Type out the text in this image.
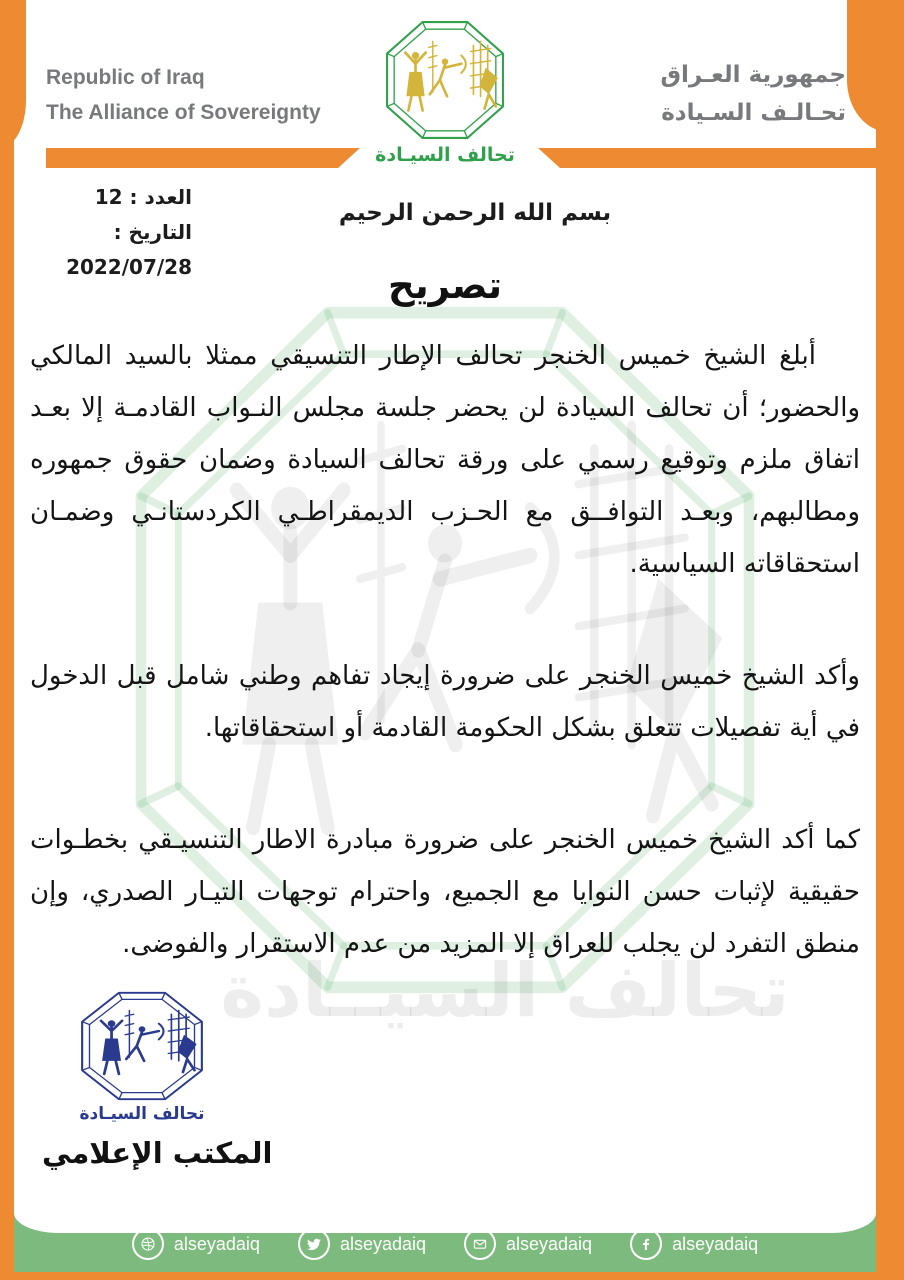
تحالف السيــادة
Republic of Iraq
The Alliance of Sovereignty
جمهورية العـراق
تحـالـف السـيادة
تحالف السيـادة
العدد : 12
التاريخ : 2022/07/28
بسم الله الرحمن الرحيم
تصريح

أبلغ الشيخ خميس الخنجر تحالف الإطار التنسيقي ممثلا بالسيد المالكي والحضور؛ أن تحالف السيادة لن يحضر جلسة مجلس النـواب القادمـة إلا بعـد اتفاق ملزم وتوقيع رسمي على ورقة تحالف السيادة وضمان حقوق جمهوره ومطالبهم، وبعـد التوافــق مع الحـزب الديمقراطـي الكردستانـي وضمـان استحقاقاته السياسية.

وأكد الشيخ خميس الخنجر على ضرورة إيجاد تفاهم وطني شامل قبل الدخول في أية تفصيلات تتعلق بشكل الحكومة القادمة أو استحقاقاتها.

كما أكد الشيخ خميس الخنجر على ضرورة مبادرة الاطار التنسيـقي بخطـوات حقيقية لإثبات حسن النوايا مع الجميع، واحترام توجهات التيـار الصدري، وإن منطق التفرد لن يجلب للعراق إلا المزيد من عدم الاستقرار والفوضى.

تحالف السيـادة
المكتب الإعلامي
alseyadaiq	alseyadaiq	alseyadaiq	alseyadaiq
